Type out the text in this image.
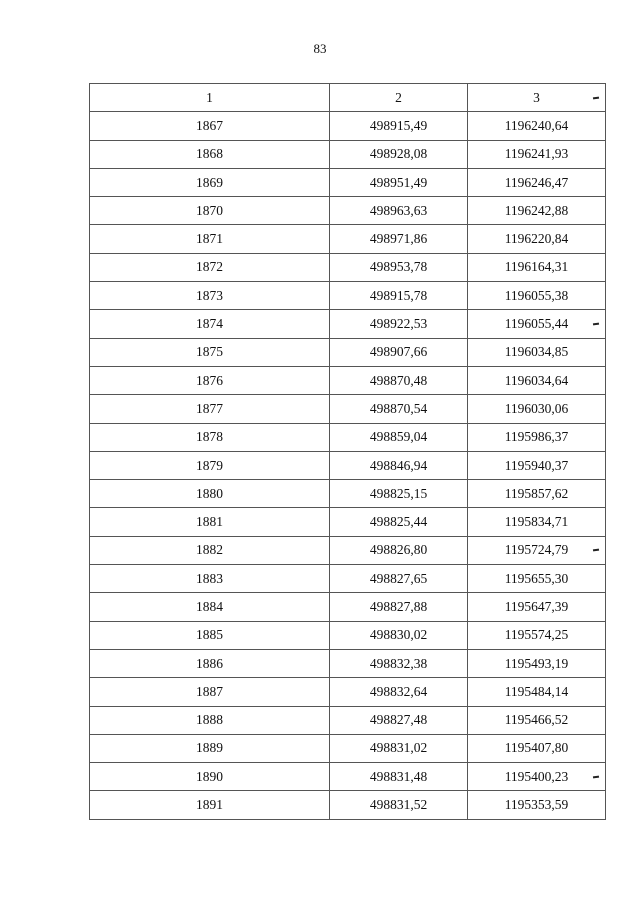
83
1	2	3

1867	498915,49	1196240,64
1868	498928,08	1196241,93
1869	498951,49	1196246,47
1870	498963,63	1196242,88
1871	498971,86	1196220,84
1872	498953,78	1196164,31
1873	498915,78	1196055,38
1874	498922,53	1196055,44

1875	498907,66	1196034,85
1876	498870,48	1196034,64
1877	498870,54	1196030,06
1878	498859,04	1195986,37
1879	498846,94	1195940,37
1880	498825,15	1195857,62
1881	498825,44	1195834,71
1882	498826,80	1195724,79

1883	498827,65	1195655,30
1884	498827,88	1195647,39
1885	498830,02	1195574,25
1886	498832,38	1195493,19
1887	498832,64	1195484,14
1888	498827,48	1195466,52
1889	498831,02	1195407,80
1890	498831,48	1195400,23

1891	498831,52	1195353,59
